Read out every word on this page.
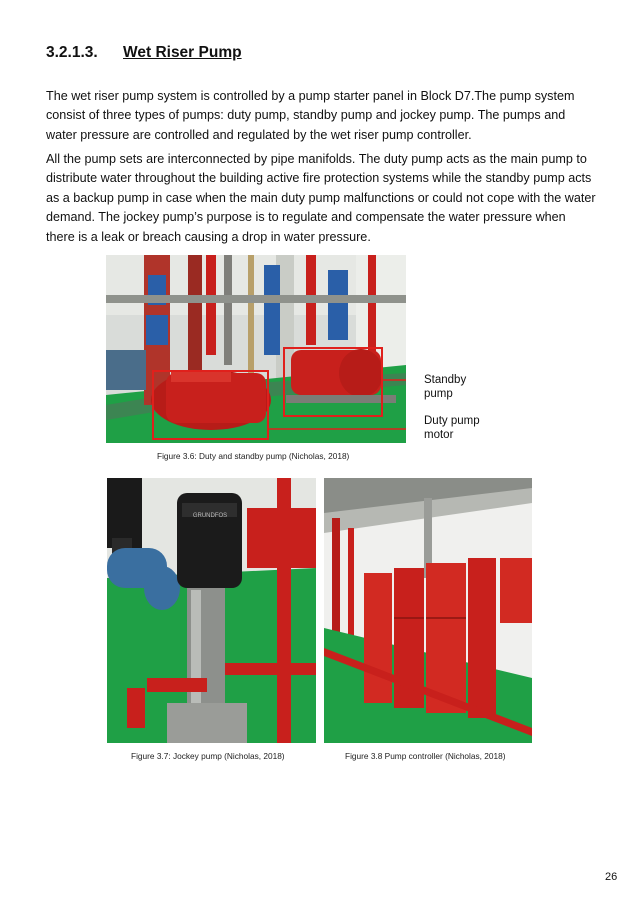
3.2.1.3. Wet Riser Pump

The wet riser pump system is controlled by a pump starter panel in Block D7.The pump system consist of three types of pumps: duty pump, standby pump and jockey pump. The pumps and water pressure are controlled and regulated by the wet riser pump controller.

All the pump sets are interconnected by pipe manifolds. The duty pump acts as the main pump to distribute water throughout the building active fire protection systems while the standby pump acts as a backup pump in case when the main duty pump malfunctions or could not cope with the water demand. The jockey pump’s purpose is to regulate and compensate the water pressure when there is a leak or breach causing a drop in water pressure.

Standby pump
Duty pump motor
Figure 3.6: Duty and standby pump (Nicholas, 2018)
GRUNDFOS
Figure 3.7: Jockey pump (Nicholas, 2018)	Figure 3.8 Pump controller (Nicholas, 2018)
26
